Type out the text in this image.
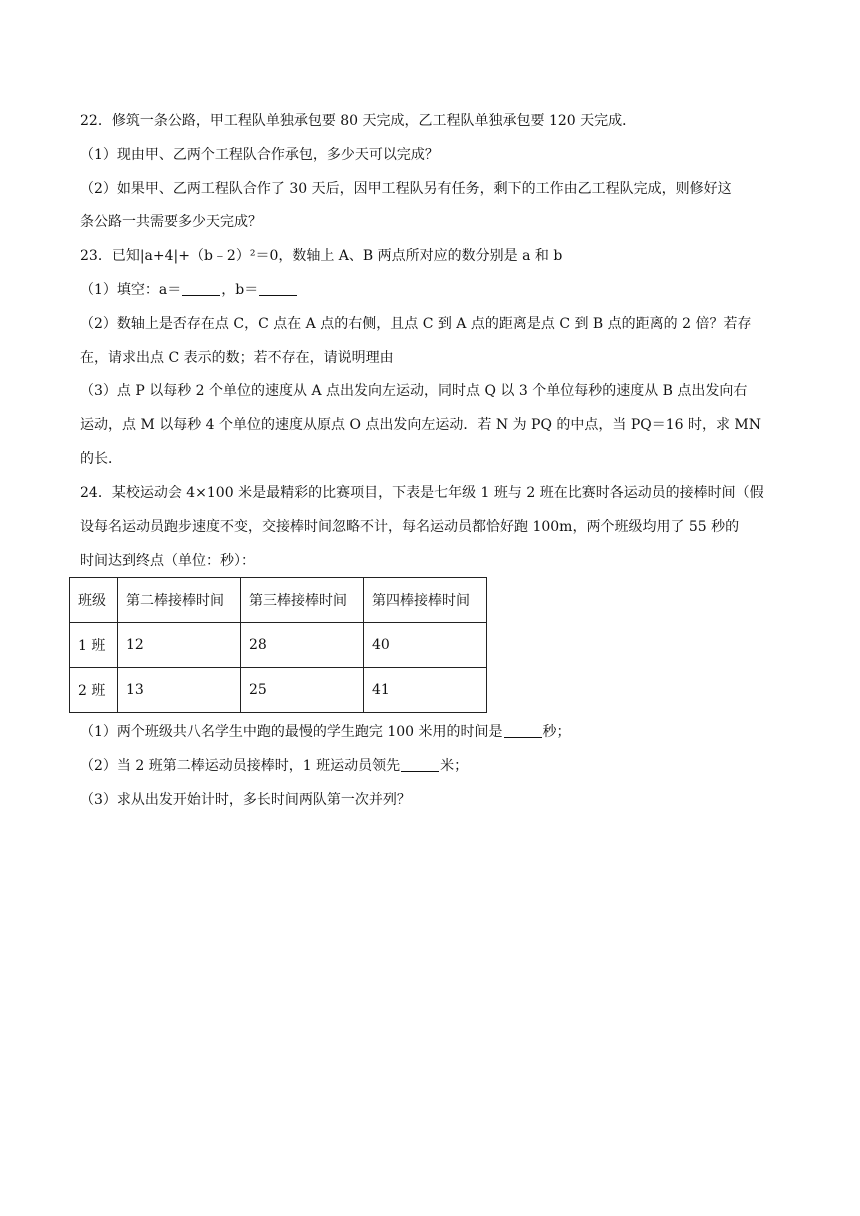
22．修筑一条公路，甲工程队单独承包要 80 天完成，乙工程队单独承包要 120 天完成．
（1）现由甲、乙两个工程队合作承包，多少天可以完成？
（2）如果甲、乙两工程队合作了 30 天后，因甲工程队另有任务，剩下的工作由乙工程队完成，则修好这
条公路一共需要多少天完成？
23．已知|a+4|+（b﹣2）²＝0，数轴上 A、B 两点所对应的数分别是 a 和 b
（1）填空：a＝	，b＝
（2）数轴上是否存在点 C，C 点在 A 点的右侧，且点 C 到 A 点的距离是点 C 到 B 点的距离的 2 倍？若存
在，请求出点 C 表示的数；若不存在，请说明理由
（3）点 P 以每秒 2 个单位的速度从 A 点出发向左运动，同时点 Q 以 3 个单位每秒的速度从 B 点出发向右
运动，点 M 以每秒 4 个单位的速度从原点 O 点出发向左运动．若 N 为 PQ 的中点，当 PQ＝16 时，求 MN
的长．
24．某校运动会 4×100 米是最精彩的比赛项目，下表是七年级 1 班与 2 班在比赛时各运动员的接棒时间（假
设每名运动员跑步速度不变，交接棒时间忽略不计，每名运动员都恰好跑 100m，两个班级均用了 55 秒的
时间达到终点（单位：秒）：
班级	第二棒接棒时间	第三棒接棒时间	第四棒接棒时间
1 班	12	28	40
2 班	13	25	41
（1）两个班级共八名学生中跑的最慢的学生跑完 100 米用的时间是	秒；
（2）当 2 班第二棒运动员接棒时，1 班运动员领先	米；
（3）求从出发开始计时，多长时间两队第一次并列？
